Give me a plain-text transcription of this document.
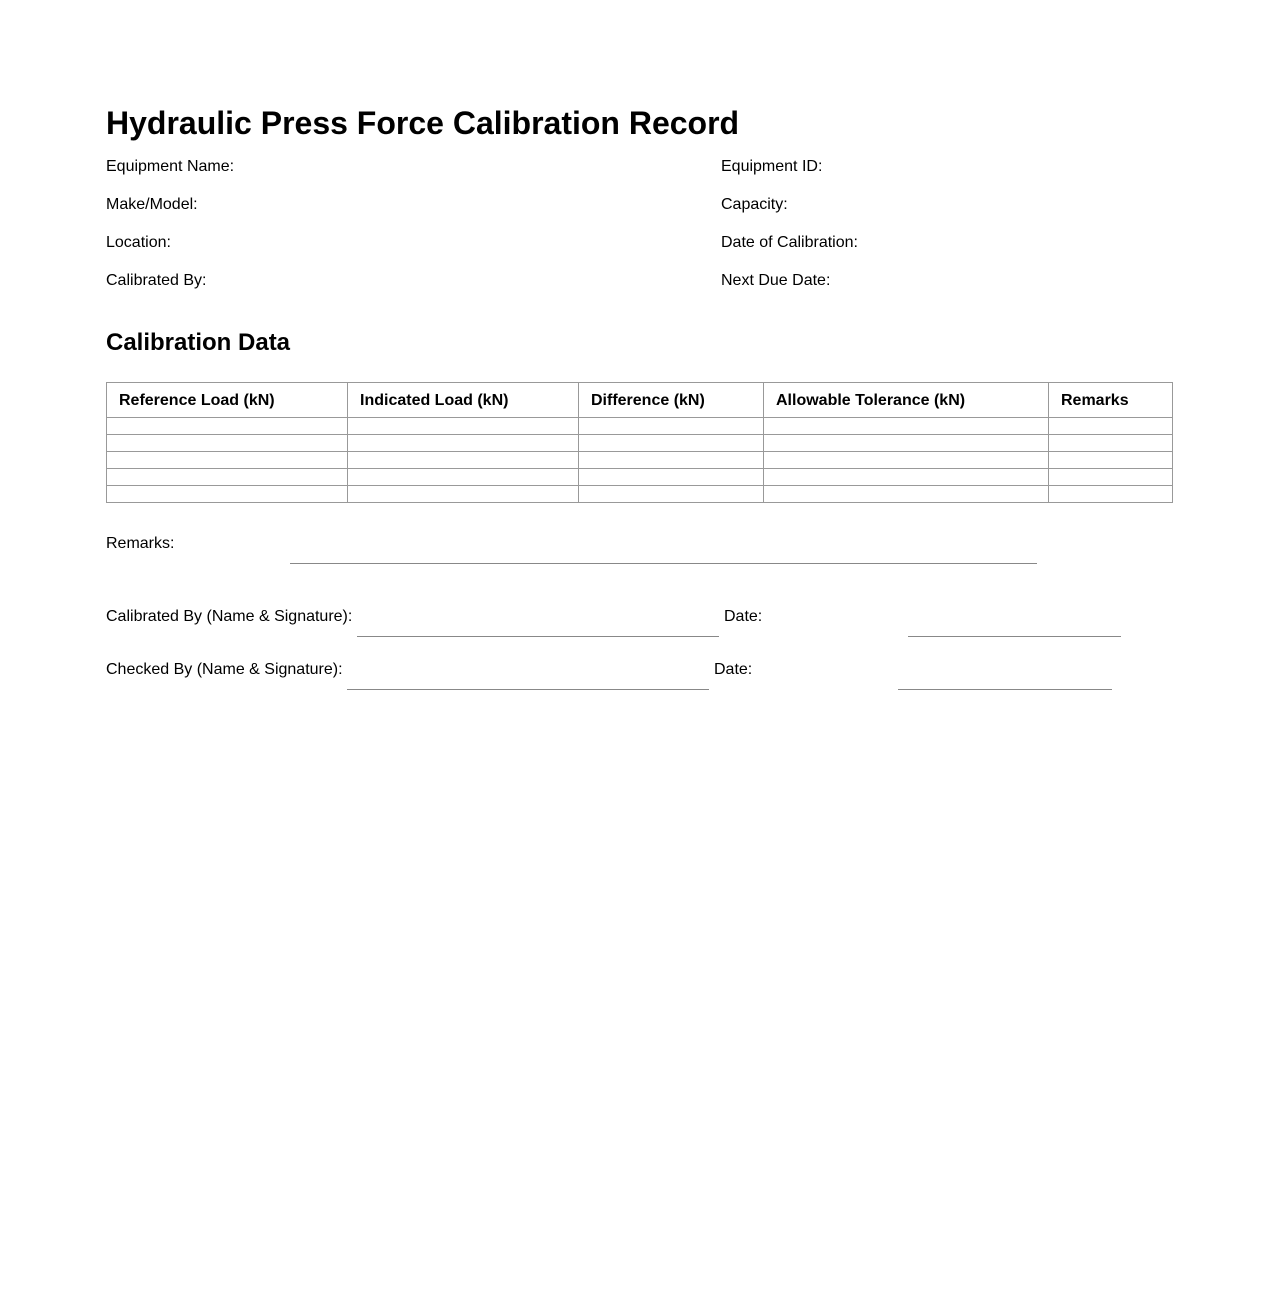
Hydraulic Press Force Calibration Record
Equipment Name:	Equipment ID:
Make/Model:	Capacity:
Location:	Date of Calibration:
Calibrated By:	Next Due Date:
Calibration Data
Reference Load (kN)	Indicated Load (kN)	Difference (kN)	Allowable Tolerance (kN)	Remarks

Remarks:
Calibrated By (Name & Signature):	Date:
Checked By (Name & Signature):	Date:
